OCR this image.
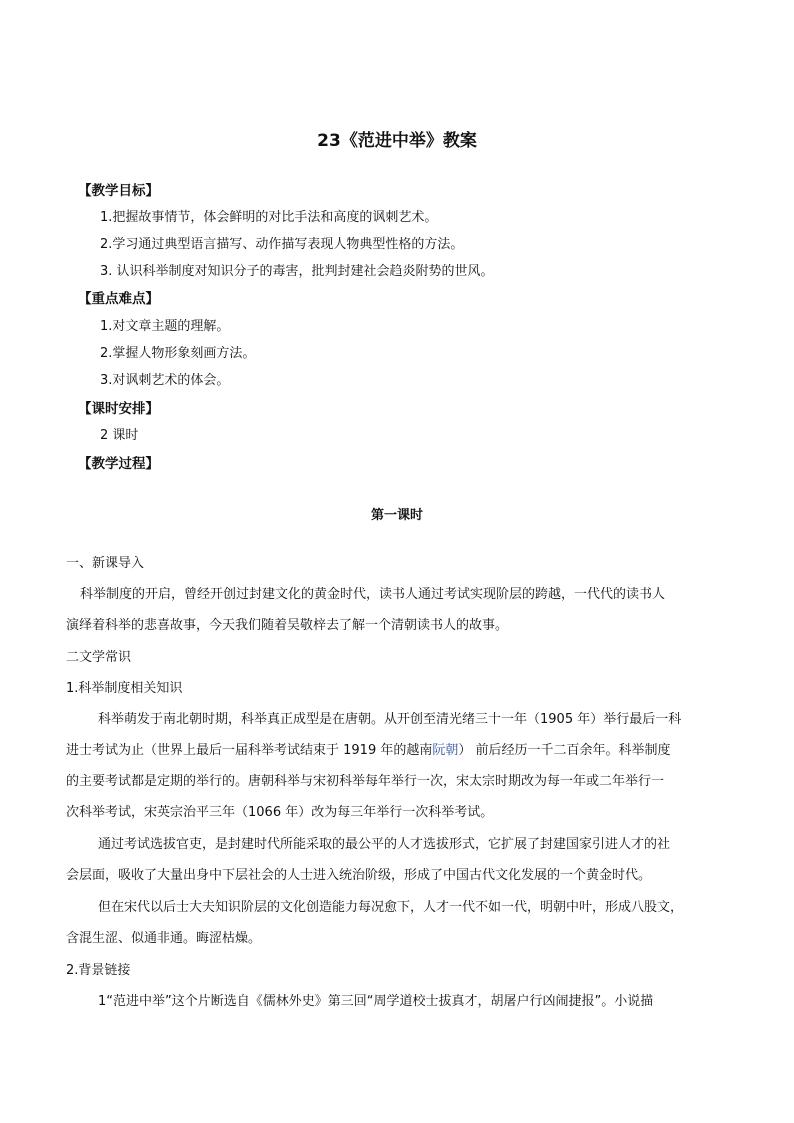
23《范进中举》教案
【教学目标】
1.把握故事情节，体会鲜明的对比手法和高度的讽刺艺术。
2.学习通过典型语言描写、动作描写表现人物典型性格的方法。
3. 认识科举制度对知识分子的毒害，批判封建社会趋炎附势的世风。
【重点难点】
1.对文章主题的理解。
2.掌握人物形象刻画方法。
3.对讽刺艺术的体会。
【课时安排】
2 课时
【教学过程】
第一课时
一、新课导入
科举制度的开启，曾经开创过封建文化的黄金时代，读书人通过考试实现阶层的跨越，一代代的读书人
演绎着科举的悲喜故事，今天我们随着吴敬梓去了解一个清朝读书人的故事。
二文学常识
1.科举制度相关知识
科举萌发于南北朝时期，科举真正成型是在唐朝。从开创至清光绪三十一年（1905 年）举行最后一科
进士考试为止（世界上最后一届科举考试结束于 1919 年的越南阮朝） 前后经历一千二百余年。科举制度
的主要考试都是定期的举行的。唐朝科举与宋初科举每年举行一次，宋太宗时期改为每一年或二年举行一
次科举考试，宋英宗治平三年（1066 年）改为每三年举行一次科举考试。
通过考试选拔官吏，是封建时代所能采取的最公平的人才选拔形式，它扩展了封建国家引进人才的社
会层面，吸收了大量出身中下层社会的人士进入统治阶级，形成了中国古代文化发展的一个黄金时代。
但在宋代以后士大夫知识阶层的文化创造能力每况愈下，人才一代不如一代，明朝中叶，形成八股文，
含混生涩、似通非通。晦涩枯燥。
2.背景链接
1“范进中举”这个片断选自《儒林外史》第三回“周学道校士拔真才，胡屠户行凶闹捷报”。小说描
